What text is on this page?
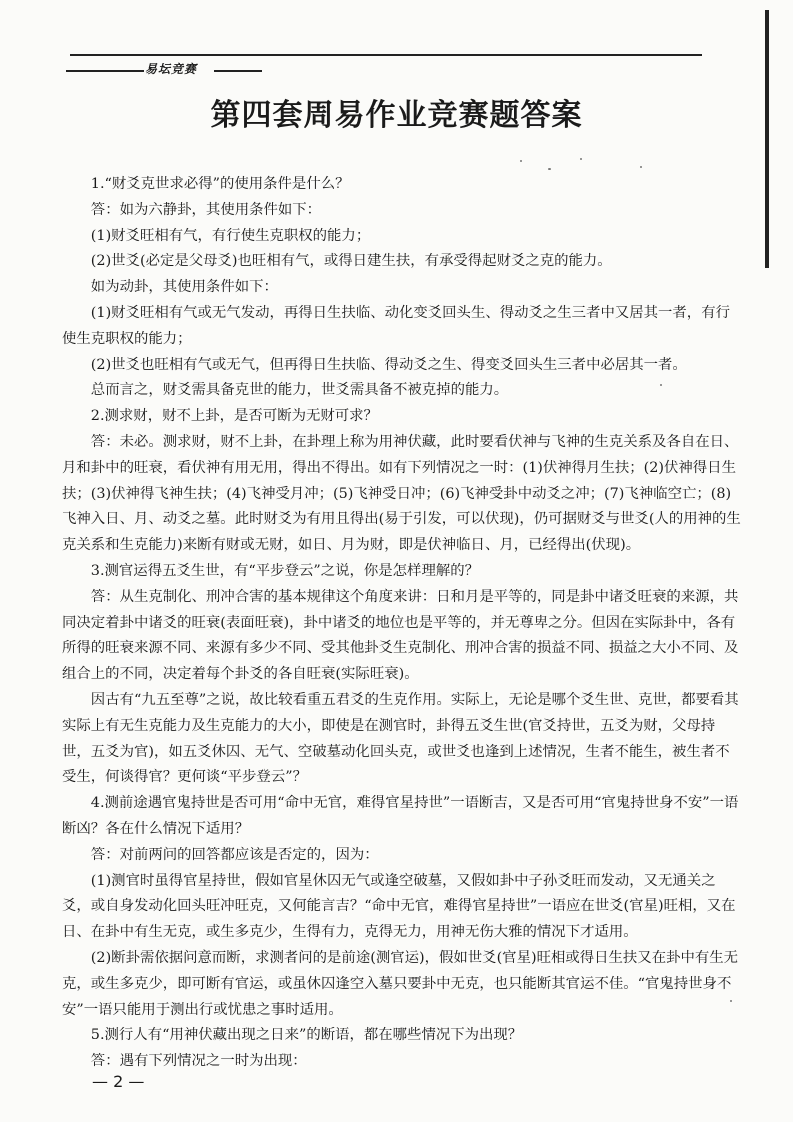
易坛竞赛
第四套周易作业竞赛题答案

1.“财爻克世求必得”的使用条件是什么？

答：如为六静卦，其使用条件如下：

(1)财爻旺相有气，有行使生克职权的能力；

(2)世爻(必定是父母爻)也旺相有气，或得日建生扶，有承受得起财爻之克的能力。

如为动卦，其使用条件如下：

(1)财爻旺相有气或无气发动，再得日生扶临、动化变爻回头生、得动爻之生三者中又居其一者，有行使生克职权的能力；

(2)世爻也旺相有气或无气，但再得日生扶临、得动爻之生、得变爻回头生三者中必居其一者。

总而言之，财爻需具备克世的能力，世爻需具备不被克掉的能力。

2.测求财，财不上卦，是否可断为无财可求？

答：未必。测求财，财不上卦，在卦理上称为用神伏藏，此时要看伏神与飞神的生克关系及各自在日、月和卦中的旺衰，看伏神有用无用，得出不得出。如有下列情况之一时：(1)伏神得月生扶；(2)伏神得日生扶；(3)伏神得飞神生扶；(4)飞神受月冲；(5)飞神受日冲；(6)飞神受卦中动爻之冲；(7)飞神临空亡；(8)飞神入日、月、动爻之墓。此时财爻为有用且得出(易于引发，可以伏现)，仍可据财爻与世爻(人的用神的生克关系和生克能力)来断有财或无财，如日、月为财，即是伏神临日、月，已经得出(伏现)。

3.测官运得五爻生世，有“平步登云”之说，你是怎样理解的？

答：从生克制化、刑冲合害的基本规律这个角度来讲：日和月是平等的，同是卦中诸爻旺衰的来源，共同决定着卦中诸爻的旺衰(表面旺衰)，卦中诸爻的地位也是平等的，并无尊卑之分。但因在实际卦中，各有所得的旺衰来源不同、来源有多少不同、受其他卦爻生克制化、刑冲合害的损益不同、损益之大小不同、及组合上的不同，决定着每个卦爻的各自旺衰(实际旺衰)。

因古有“九五至尊”之说，故比较看重五君爻的生克作用。实际上，无论是哪个爻生世、克世，都要看其实际上有无生克能力及生克能力的大小，即使是在测官时，卦得五爻生世(官爻持世，五爻为财，父母持世，五爻为官)，如五爻休囚、无气、空破墓动化回头克，或世爻也逢到上述情况，生者不能生，被生者不受生，何谈得官？更何谈“平步登云”？

4.测前途遇官鬼持世是否可用“命中无官，难得官星持世”一语断吉，又是否可用“官鬼持世身不安”一语断凶？各在什么情况下适用？

答：对前两问的回答都应该是否定的，因为：

(1)测官时虽得官星持世，假如官星休囚无气或逢空破墓，又假如卦中子孙爻旺而发动，又无通关之爻，或自身发动化回头旺冲旺克，又何能言吉？“命中无官，难得官星持世”一语应在世爻(官星)旺相，又在日、在卦中有生无克，或生多克少，生得有力，克得无力，用神无伤大雅的情况下才适用。

(2)断卦需依据问意而断，求测者问的是前途(测官运)，假如世爻(官星)旺相或得日生扶又在卦中有生无克，或生多克少，即可断有官运，或虽休囚逢空入墓只要卦中无克，也只能断其官运不佳。“官鬼持世身不安”一语只能用于测出行或忧患之事时适用。

5.测行人有“用神伏藏出现之日来”的断语，都在哪些情况下为出现？

答：遇有下列情况之一时为出现：

— 2 —
